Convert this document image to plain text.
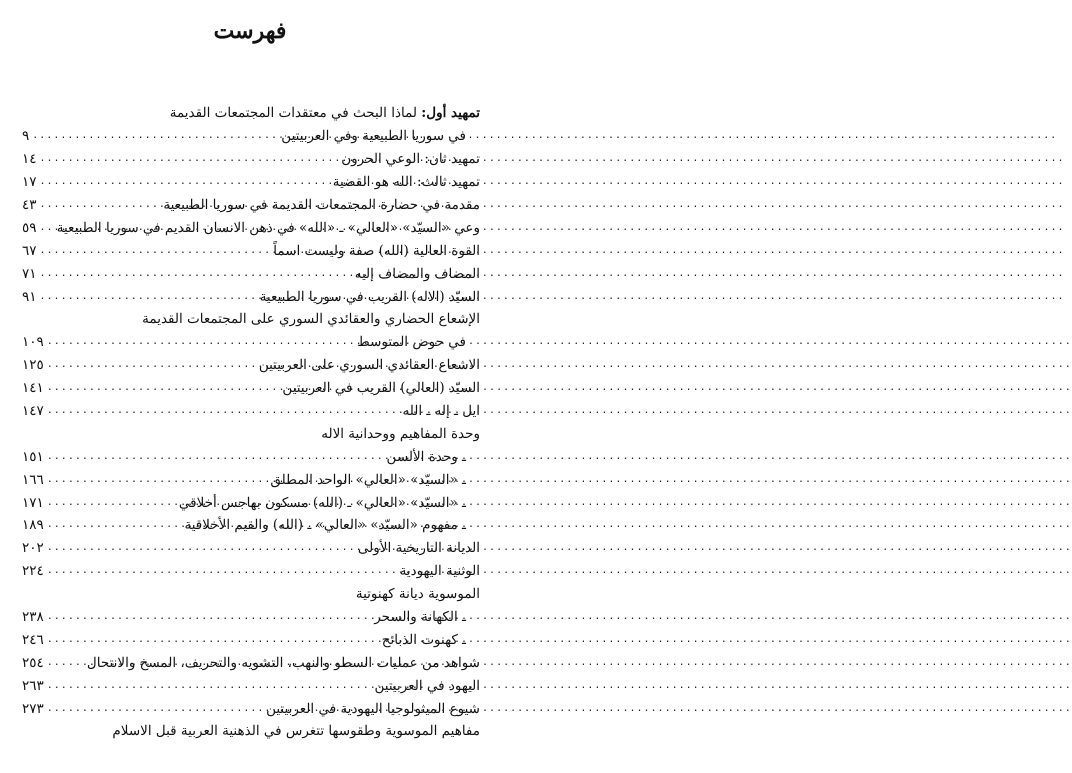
فهرست
تمهيد أول: لماذا البحث في معتقدات المجتمعات القديمة
في سوريا الطبيعية وفي العربيتين
.....
٩
تمهيد ثان: الوعي الحرون
.....
١٤
تمهيد ثالث: الله هو القضية
.....
١٧
مقدمة في حضارة المجتمعات القديمة في سوريا الطبيعية
.....
٤٣
وعي «السيّد» «العالي» ـ «الله» في ذهن الانسان القديم في سوريا الطبيعية
.....
٥٩
القوة العالية (الله) صفة وليست اسماً
.....
٦٧
المضاف والمضاف إليه
.....
٧١
السيّد (الاله) القريب في سوريا الطبيعية
.....
٩١
الإشعاع الحضاري والعقائدي السوري على المجتمعات القديمة
في حوض المتوسط
.....
١٠٩
الاشعاع العقائدي السوري على العربيتين
.....
١٢٥
السيّد (العالي) القريب في العربيتين
.....
١٤١
ايل ـ إله ـ الله
.....
١٤٧
وحدة المفاهيم ووحدانية الاله
ـ وحدة الألسن
.....
١٥١
ـ «السيّد» «العالي» الواحد المطلق
.....
١٦٦
ـ «السيّد» «العالي» ـ (الله) مسكون بهاجس أخلاقي
.....
١٧١
ـ مفهوم «السيّد» «العالي» ـ (الله) والقيم الأخلاقية
.....
١٨٩
الديانة التاريخية الأولى
.....
٢٠٢
الوثنية اليهودية
.....
٢٢٤
الموسوية ديانة كهنوتية
ـ الكهانة والسحر
.....
٢٣٨
ـ كهنوت الذبائح
.....
٢٤٦
شواهد من عمليات السطو والنهب، التشويه والتحريف، المسخ والانتحال
.....
٢٥٤
اليهود في العربيتين
.....
٢٦٣
شيوع الميثولوجيا اليهودية في العربيتين
.....
٢٧٣
مفاهيم الموسوية وطقوسها تتغرس في الذهنية العربية قبل الاسلام
